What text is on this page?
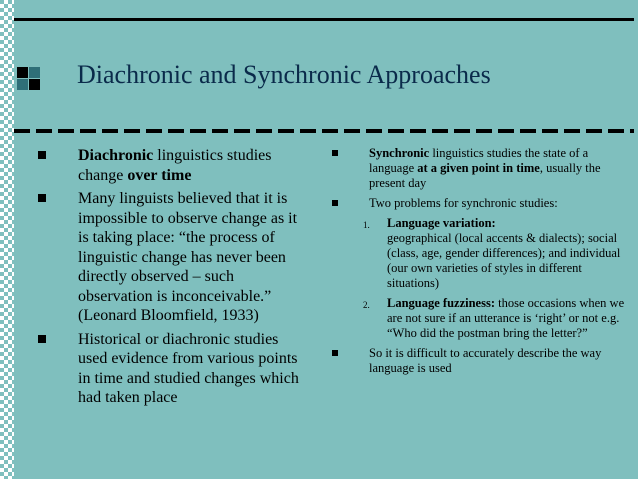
Diachronic and Synchronic Approaches
Diachronic linguistics studies change over time
Many linguists believed that it is impossible to observe change as it is taking place: “the process of linguistic change has never been directly observed – such observation is inconceivable.” (Leonard Bloomfield, 1933)
Historical or diachronic studies used evidence from various points in time and studied changes which had taken place
Synchronic linguistics studies the state of a language at a given point in time, usually the present day
Two problems for synchronic studies:
1. Language variation:
geographical (local accents & dialects); social (class, age, gender differences); and individual (our own varieties of styles in different situations)
2. Language fuzziness: those occasions when we are not sure if an utterance is ‘right’ or not e.g. “Who did the postman bring the letter?”
So it is difficult to accurately describe the way language is used
